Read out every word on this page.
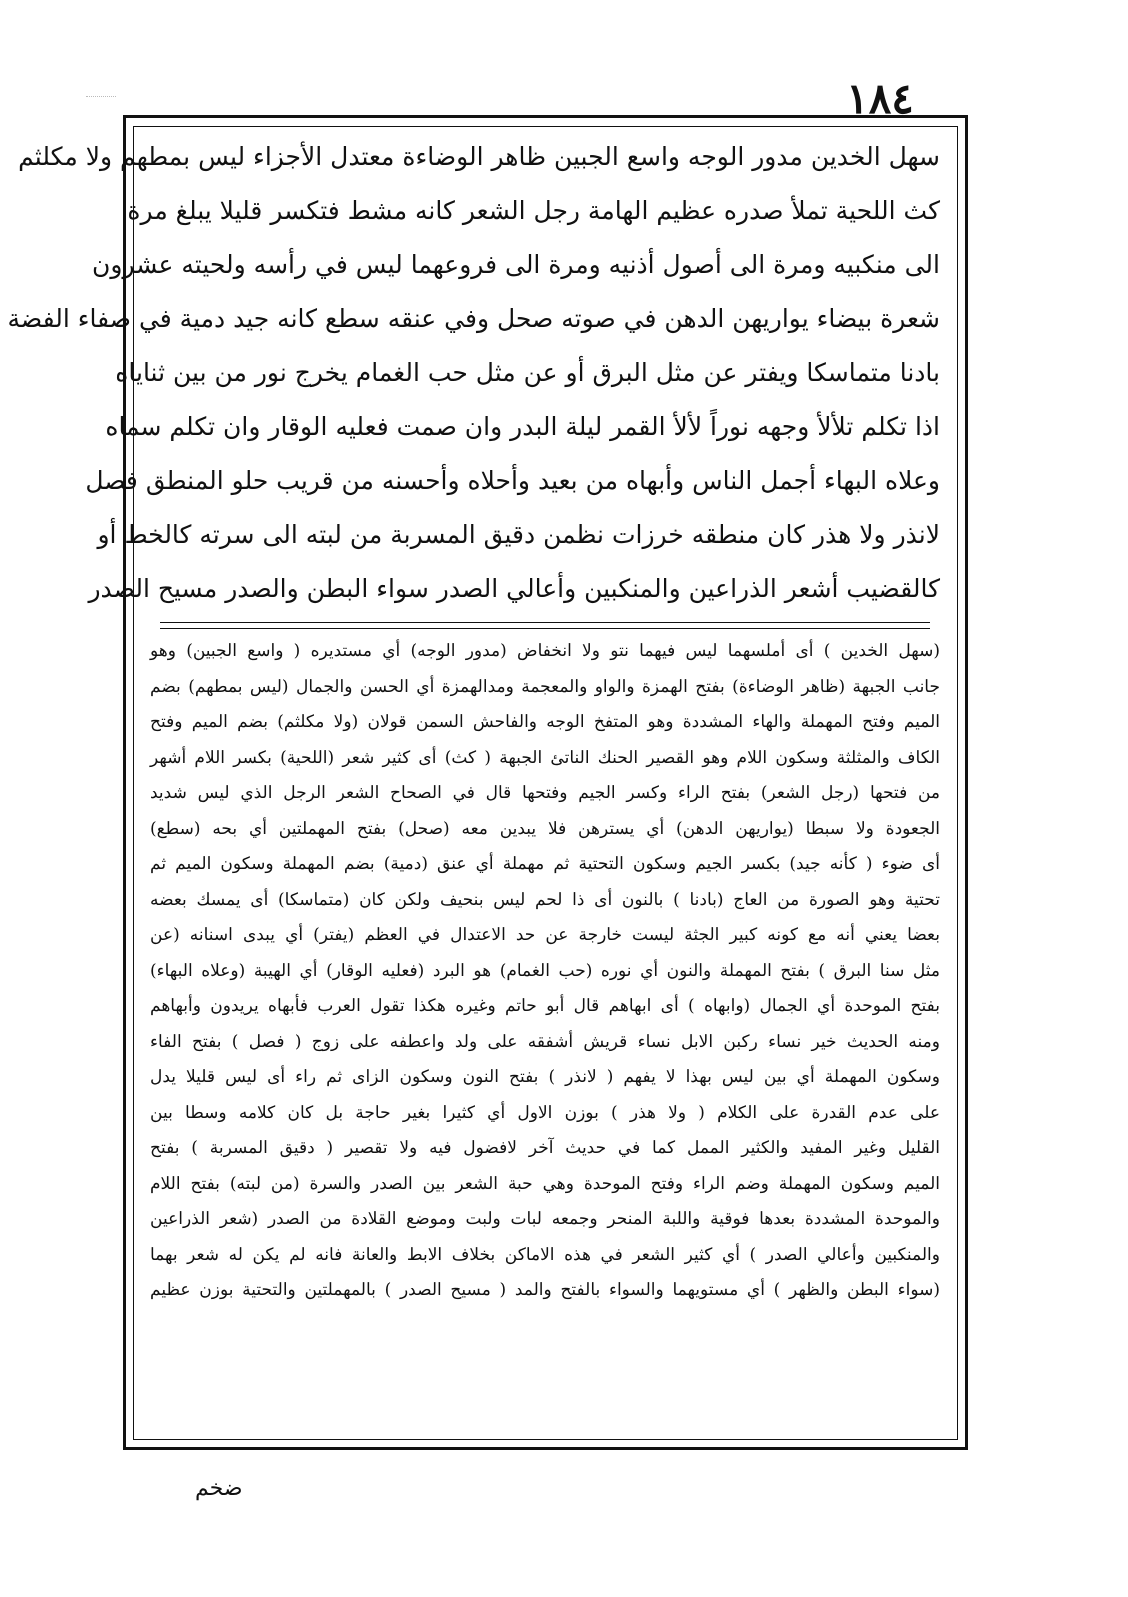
١٨٤
سهل الخدين مدور الوجه واسع الجبين ظاهر الوضاءة معتدل الأجزاء ليس بمطهم ولا مكلثم
كث اللحية تملأ صدره عظيم الهامة رجل الشعر كانه مشط فتكسر قليلا يبلغ مرة
الى منكبيه ومرة الى أصول أذنيه ومرة الى فروعهما ليس في رأسه ولحيته عشرون
شعرة بيضاء يواريهن الدهن في صوته صحل وفي عنقه سطع كانه جيد دمية في صفاء الفضة
بادنا متماسكا ويفتر عن مثل البرق أو عن مثل حب الغمام يخرج نور من بين ثناياه
اذا تكلم تلألأ وجهه نوراً لألأ القمر ليلة البدر وان صمت فعليه الوقار وان تكلم سماه
وعلاه البهاء أجمل الناس وأبهاه من بعيد وأحلاه وأحسنه من قريب حلو المنطق فصل
لانذر ولا هذر كان منطقه خرزات نظمن دقيق المسربة من لبته الى سرته كالخط أو
كالقضيب أشعر الذراعين والمنكبين وأعالي الصدر سواء البطن والصدر مسيح الصدر
(سهل الخدين ) أى أملسهما ليس فيهما نتو ولا انخفاض (مدور الوجه) أي مستديره ( واسع الجبين) وهو
جانب الجبهة (ظاهر الوضاءة) بفتح الهمزة والواو والمعجمة ومدالهمزة أي الحسن والجمال (ليس بمطهم) بضم
الميم وفتح المهملة والهاء المشددة وهو المتفخ الوجه والفاحش السمن قولان (ولا مكلثم) بضم الميم وفتح
الكاف والمثلثة وسكون اللام وهو القصير الحنك الناتئ الجبهة ( كث) أى كثير شعر (اللحية) بكسر اللام أشهر
من فتحها (رجل الشعر) بفتح الراء وكسر الجيم وفتحها قال في الصحاح الشعر الرجل الذي ليس شديد
الجعودة ولا سبطا (يواريهن الدهن) أي يسترهن فلا يبدين معه (صحل) بفتح المهملتين أي بحه (سطع)
أى ضوء ( كأنه جيد) بكسر الجيم وسكون التحتية ثم مهملة أي عنق (دمية) بضم المهملة وسكون الميم ثم
تحتية وهو الصورة من العاج (بادنا ) بالنون أى ذا لحم ليس بنحيف ولكن كان (متماسكا) أى يمسك بعضه
بعضا يعني أنه مع كونه كبير الجثة ليست خارجة عن حد الاعتدال في العظم (يفتر) أي يبدى اسنانه (عن
مثل سنا البرق ) بفتح المهملة والنون أي نوره (حب الغمام) هو البرد (فعليه الوقار) أي الهيبة (وعلاه البهاء)
بفتح الموحدة أي الجمال (وابهاه ) أى ابهاهم قال أبو حاتم وغيره هكذا تقول العرب فأبهاه يريدون وأبهاهم
ومنه الحديث خير نساء ركبن الابل نساء قريش أشفقه على ولد واعطفه على زوج ( فصل ) بفتح الفاء
وسكون المهملة أي بين ليس بهذا لا يفهم ( لانذر ) بفتح النون وسكون الزاى ثم راء أى ليس قليلا يدل
على عدم القدرة على الكلام ( ولا هذر ) بوزن الاول أي كثيرا بغير حاجة بل كان كلامه وسطا بين
القليل وغير المفيد والكثير الممل كما في حديث آخر لافضول فيه ولا تقصير ( دقيق المسربة ) بفتح
الميم وسكون المهملة وضم الراء وفتح الموحدة وهي حبة الشعر بين الصدر والسرة (من لبته) بفتح اللام
والموحدة المشددة بعدها فوقية واللبة المنحر وجمعه لبات ولبت وموضع القلادة من الصدر (شعر الذراعين
والمنكبين وأعالي الصدر ) أي كثير الشعر في هذه الاماكن بخلاف الابط والعانة فانه لم يكن له شعر بهما
(سواء البطن والظهر ) أي مستويهما والسواء بالفتح والمد ( مسيح الصدر ) بالمهملتين والتحتية بوزن عظيم
ضخم
